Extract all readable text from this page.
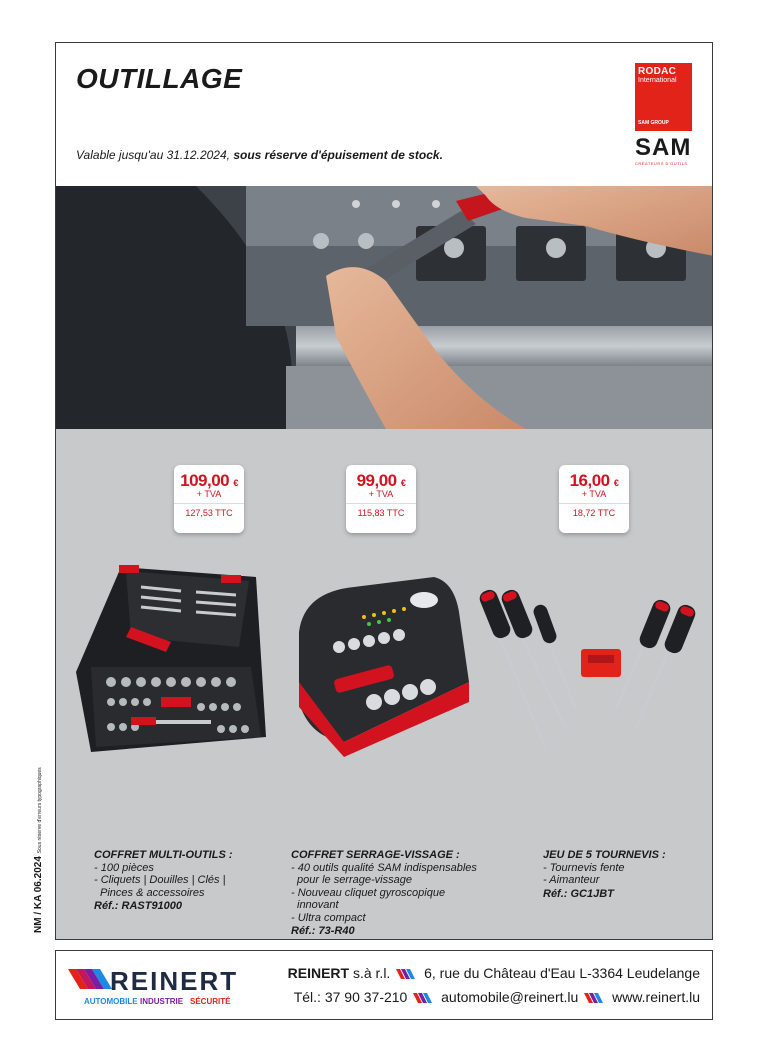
OUTILLAGE
Valable jusqu'au 31.12.2024, sous réserve d'épuisement de stock.
RODAC
International
SAM GROUP
SAM
CRÉATEURS D'OUTILS
109,00 €
+ TVA
127,53 TTC
99,00 €
+ TVA
115,83 TTC
16,00 €
+ TVA
18,72 TTC
COFFRET MULTI-OUTILS :
- 100 pièces
- Cliquets | Douilles | Clés |
Pinces & accessoires
Réf.: RAST91000
COFFRET SERRAGE-VISSAGE :
- 40 outils qualité SAM indispensables
pour le serrage-vissage
- Nouveau cliquet gyroscopique
innovant
- Ultra compact
Réf.: 73-R40
JEU DE 5 TOURNEVIS :
- Tournevis fente
- Aimanteur
Réf.: GC1JBT
NM / KA 06.2024 Sous réserve d'erreurs typographiques
REINERT
AUTOMOBILE INDUSTRIE SÉCURITÉ
REINERT s.à r.l. 6, rue du Château d'Eau L-3364 Leudelange
Tél.: 37 90 37-210 automobile@reinert.lu www.reinert.lu
